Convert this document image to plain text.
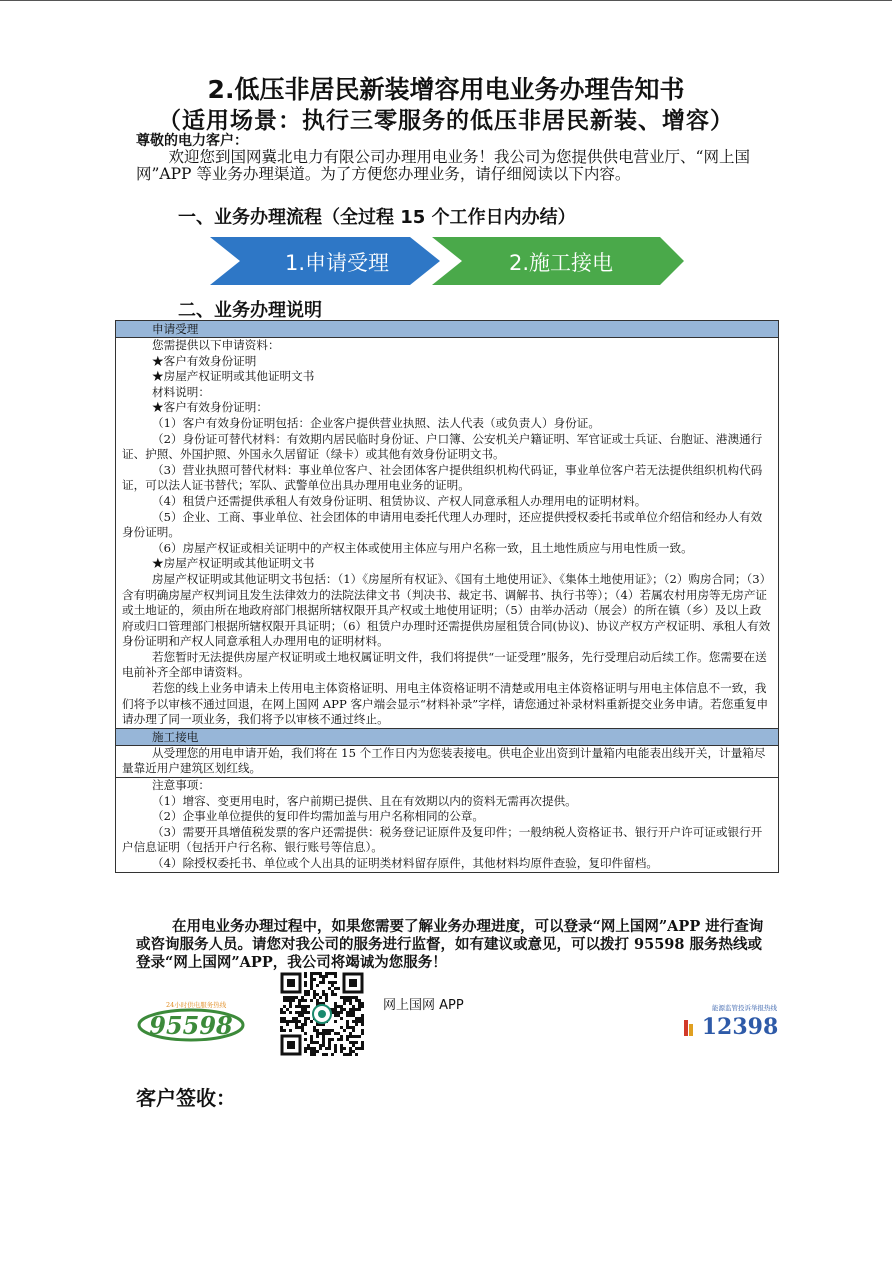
2.低压非居民新装增容用电业务办理告知书
（适用场景：执行三零服务的低压非居民新装、增容）
尊敬的电力客户：
欢迎您到国网冀北电力有限公司办理用电业务！我公司为您提供供电营业厅、“网上国网”APP 等业务办理渠道。为了方便您办理业务，请仔细阅读以下内容。
一、业务办理流程（全过程 15 个工作日内办结）
1.申请受理	2.施工接电
二、业务办理说明
申请受理
您需提供以下申请资料：
★客户有效身份证明
★房屋产权证明或其他证明文书
材料说明：
★客户有效身份证明：
（1）客户有效身份证明包括：企业客户提供营业执照、法人代表（或负责人）身份证。
（2）身份证可替代材料：有效期内居民临时身份证、户口簿、公安机关户籍证明、军官证或士兵证、台胞证、港澳通行证、护照、外国护照、外国永久居留证（绿卡）或其他有效身份证明文书。
（3）营业执照可替代材料：事业单位客户、社会团体客户提供组织机构代码证，事业单位客户若无法提供组织机构代码证，可以法人证书替代；军队、武警单位出具办理用电业务的证明。
（4）租赁户还需提供承租人有效身份证明、租赁协议、产权人同意承租人办理用电的证明材料。
（5）企业、工商、事业单位、社会团体的申请用电委托代理人办理时，还应提供授权委托书或单位介绍信和经办人有效身份证明。
（6）房屋产权证或相关证明中的产权主体或使用主体应与用户名称一致，且土地性质应与用电性质一致。
★房屋产权证明或其他证明文书
房屋产权证明或其他证明文书包括：（1）《房屋所有权证》、《国有土地使用证》、《集体土地使用证》；（2）购房合同；（3）含有明确房屋产权判词且发生法律效力的法院法律文书（判决书、裁定书、调解书、执行书等）；（4）若属农村用房等无房产证或土地证的，须由所在地政府部门根据所辖权限开具产权或土地使用证明；（5）由举办活动（展会）的所在镇（乡）及以上政府或归口管理部门根据所辖权限开具证明；（6）租赁户办理时还需提供房屋租赁合同(协议)、协议产权方产权证明、承租人有效身份证明和产权人同意承租人办理用电的证明材料。
若您暂时无法提供房屋产权证明或土地权属证明文件，我们将提供“一证受理”服务，先行受理启动后续工作。您需要在送电前补齐全部申请资料。
若您的线上业务申请未上传用电主体资格证明、用电主体资格证明不清楚或用电主体资格证明与用电主体信息不一致，我们将予以审核不通过回退，在网上国网 APP 客户端会显示“材料补录”字样，请您通过补录材料重新提交业务申请。若您重复申请办理了同一项业务，我们将予以审核不通过终止。
施工接电
从受理您的用电申请开始，我们将在 15 个工作日内为您装表接电。供电企业出资到计量箱内电能表出线开关，计量箱尽量靠近用户建筑区划红线。
注意事项：
（1）增容、变更用电时，客户前期已提供、且在有效期以内的资料无需再次提供。
（2）企事业单位提供的复印件均需加盖与用户名称相同的公章。
（3）需要开具增值税发票的客户还需提供：税务登记证原件及复印件；一般纳税人资格证书、银行开户许可证或银行开户信息证明（包括开户行名称、银行账号等信息）。
（4）除授权委托书、单位或个人出具的证明类材料留存原件，其他材料均原件查验，复印件留档。
在用电业务办理过程中，如果您需要了解业务办理进度，可以登录“网上国网”APP 进行查询或咨询服务人员。请您对我公司的服务进行监督，如有建议或意见，可以拨打 95598 服务热线或登录“网上国网”APP，我公司将竭诚为您服务！
24小时供电服务热线
95598
网上国网 APP	能源监管投诉举报热线
12398
客户签收：
